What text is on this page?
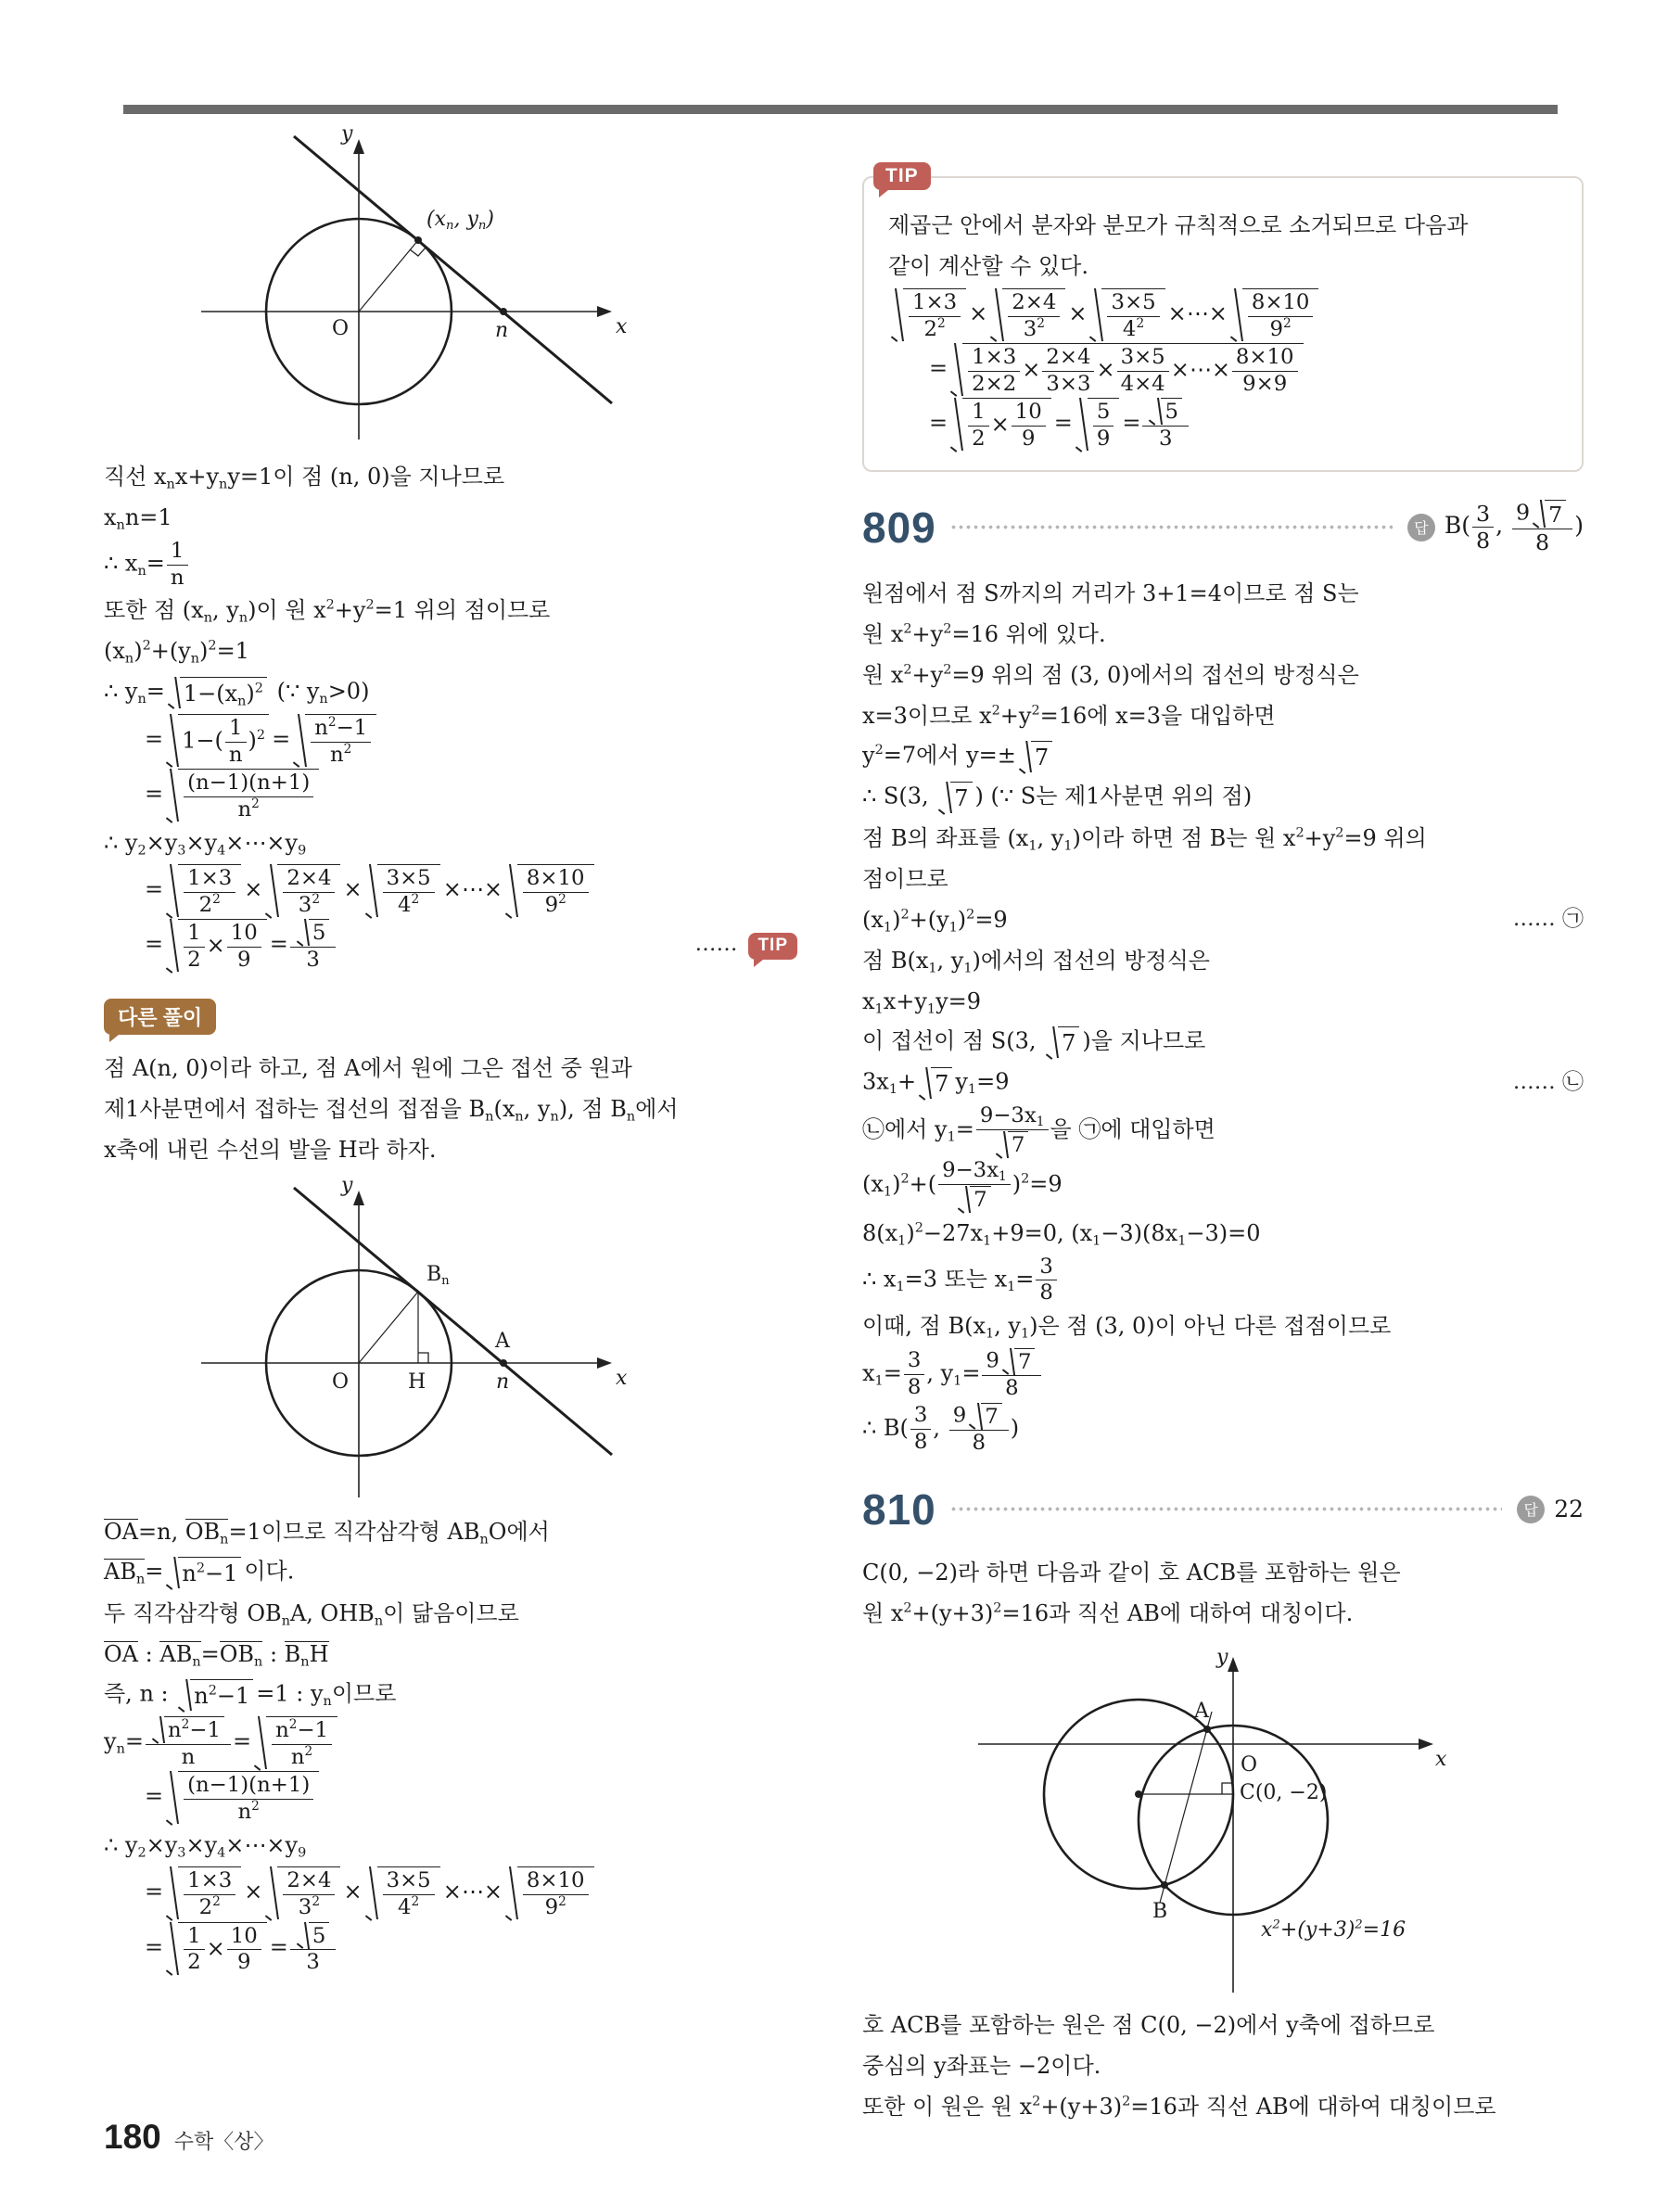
y
x
O	n
($x_n$, $y_n$)
직선 $x_nx+y_ny=1$이 점 (n, 0)을 지나므로
$x_nn=1$
∴ $x_n= \frac{1}{n}$
또한 점 ($x_n$, $y_n$)이 원 $x^2+y^2=1$ 위의 점이므로
$(x_n)^2+(y_n)^2=1$
∴ $y_n= 1-(x_n)^2$ (∵ $y_n>0$)
= $1-( \frac{1}{n} )^2 = \frac{n^2-1}{n^2}$
= $\frac{(n-1)(n+1)}{n^2}$
∴ $y_2\times y_3\times y_4\times\cdots\times y_9$
= $\frac{1\times 3}{2^2} \times \frac{2\times 4}{3^2} \times \frac{3\times 5}{4^2}$ ×⋯× $\frac{8\times 10}{9^2}$
= $\frac{1}{2} \times \frac{10}{9} = \frac{5}{3}$	…… TIP
다른 풀이
점 A(n, 0)이라 하고, 점 A에서 원에 그은 접선 중 원과
제1사분면에서 접하는 접선의 접점을 $B_n(x_n$, $y_n$), 점 $B_n$에서
x축에 내린 수선의 발을 H라 하자.
y
x
O	H
A
n
$B_n$
OA=n, $OB_n=1$이므로 직각삼각형 $AB_nO$에서
$AB_n= n^2-1$ 이다.
두 직각삼각형 $OB_nA$, $OHB_n$이 닮음이므로
OA : $AB_n=OB_n$ : $B_nH$
즉, n : $n^2-1 =1$ : $y_n$이므로
$y_n= \frac{n^2-1}{n} = \frac{n^2-1}{n^2}$
= $\frac{(n-1)(n+1)}{n^2}$
∴ $y_2\times y_3\times y_4\times\cdots\times y_9$
= $\frac{1\times 3}{2^2} \times \frac{2\times 4}{3^2} \times \frac{3\times 5}{4^2}$ ×⋯× $\frac{8\times 10}{9^2}$
= $\frac{1}{2} \times \frac{10}{9} = \frac{5}{3}$
TIP
제곱근 안에서 분자와 분모가 규칙적으로 소거되므로 다음과
같이 계산할 수 있다.
$\frac{1\times 3}{2^2} \times \frac{2\times 4}{3^2} \times \frac{3\times 5}{4^2}$ ×⋯× $\frac{8\times 10}{9^2}$
= $\frac{1\times 3}{2\times 2} \times \frac{2\times 4}{3\times 3} \times \frac{3\times 5}{4\times 4}$ ×⋯× $\frac{8\times 10}{9\times 9}$
= $\frac{1}{2} \times \frac{10}{9} = \frac{5}{9} = \frac{5}{3}$
809	답 $B( \frac{3}{8}$ , $\frac{9 7}{8}$ )
원점에서 점 S까지의 거리가 3+1=4이므로 점 S는
원 $x^2+y^2=16$ 위에 있다.
원 $x^2+y^2=9$ 위의 점 (3, 0)에서의 접선의 방정식은
x=3이므로 $x^2+y^2=16$에 x=3을 대입하면
$y^2=7$에서 y=± 7
∴ S(3, 7 ) (∵ S는 제1사분면 위의 점)
점 B의 좌표를 ($x_1$, $y_1$)이라 하면 점 B는 원 $x^2+y^2=9$ 위의
점이므로
$(x_1)^2+(y_1)^2=9$	…… ㉠
점 $B(x_1$, $y_1$)에서의 접선의 방정식은
$x_1x+y_1y=9$
이 접선이 점 S(3, 7 )을 지나므로
$3x_1+ 7$ $y_1=9$	…… ㉡
㉡에서 $y_1= \frac{9-3x_1}{7}$ 을 ㉠에 대입하면
$(x_1)^2+( \frac{9-3x_1}{7} )^2=9$
$8(x_1)^2-27x_1+9=0$, $(x_1-3)(8x_1-3)=0$
∴ $x_1=3$ 또는 $x_1= \frac{3}{8}$
이때, 점 $B(x_1$, $y_1$)은 점 (3, 0)이 아닌 다른 접점이므로
$x_1= \frac{3}{8}$ , $y_1= \frac{9 7}{8}$
∴ $B( \frac{3}{8}$ , $\frac{9 7}{8}$ )
810	답 22
C(0, −2)라 하면 다음과 같이 호 ACB를 포함하는 원은
원 $x^2+(y+3)^2=16$과 직선 AB에 대하여 대칭이다.
y
x
O
A
B
C(0, −2)
$x^2+(y+3)^2=16$
호 ACB를 포함하는 원은 점 C(0, −2)에서 y축에 접하므로
중심의 y좌표는 −2이다.
또한 이 원은 원 $x^2+(y+3)^2=16$과 직선 AB에 대하여 대칭이므로
180 수학〈상〉
